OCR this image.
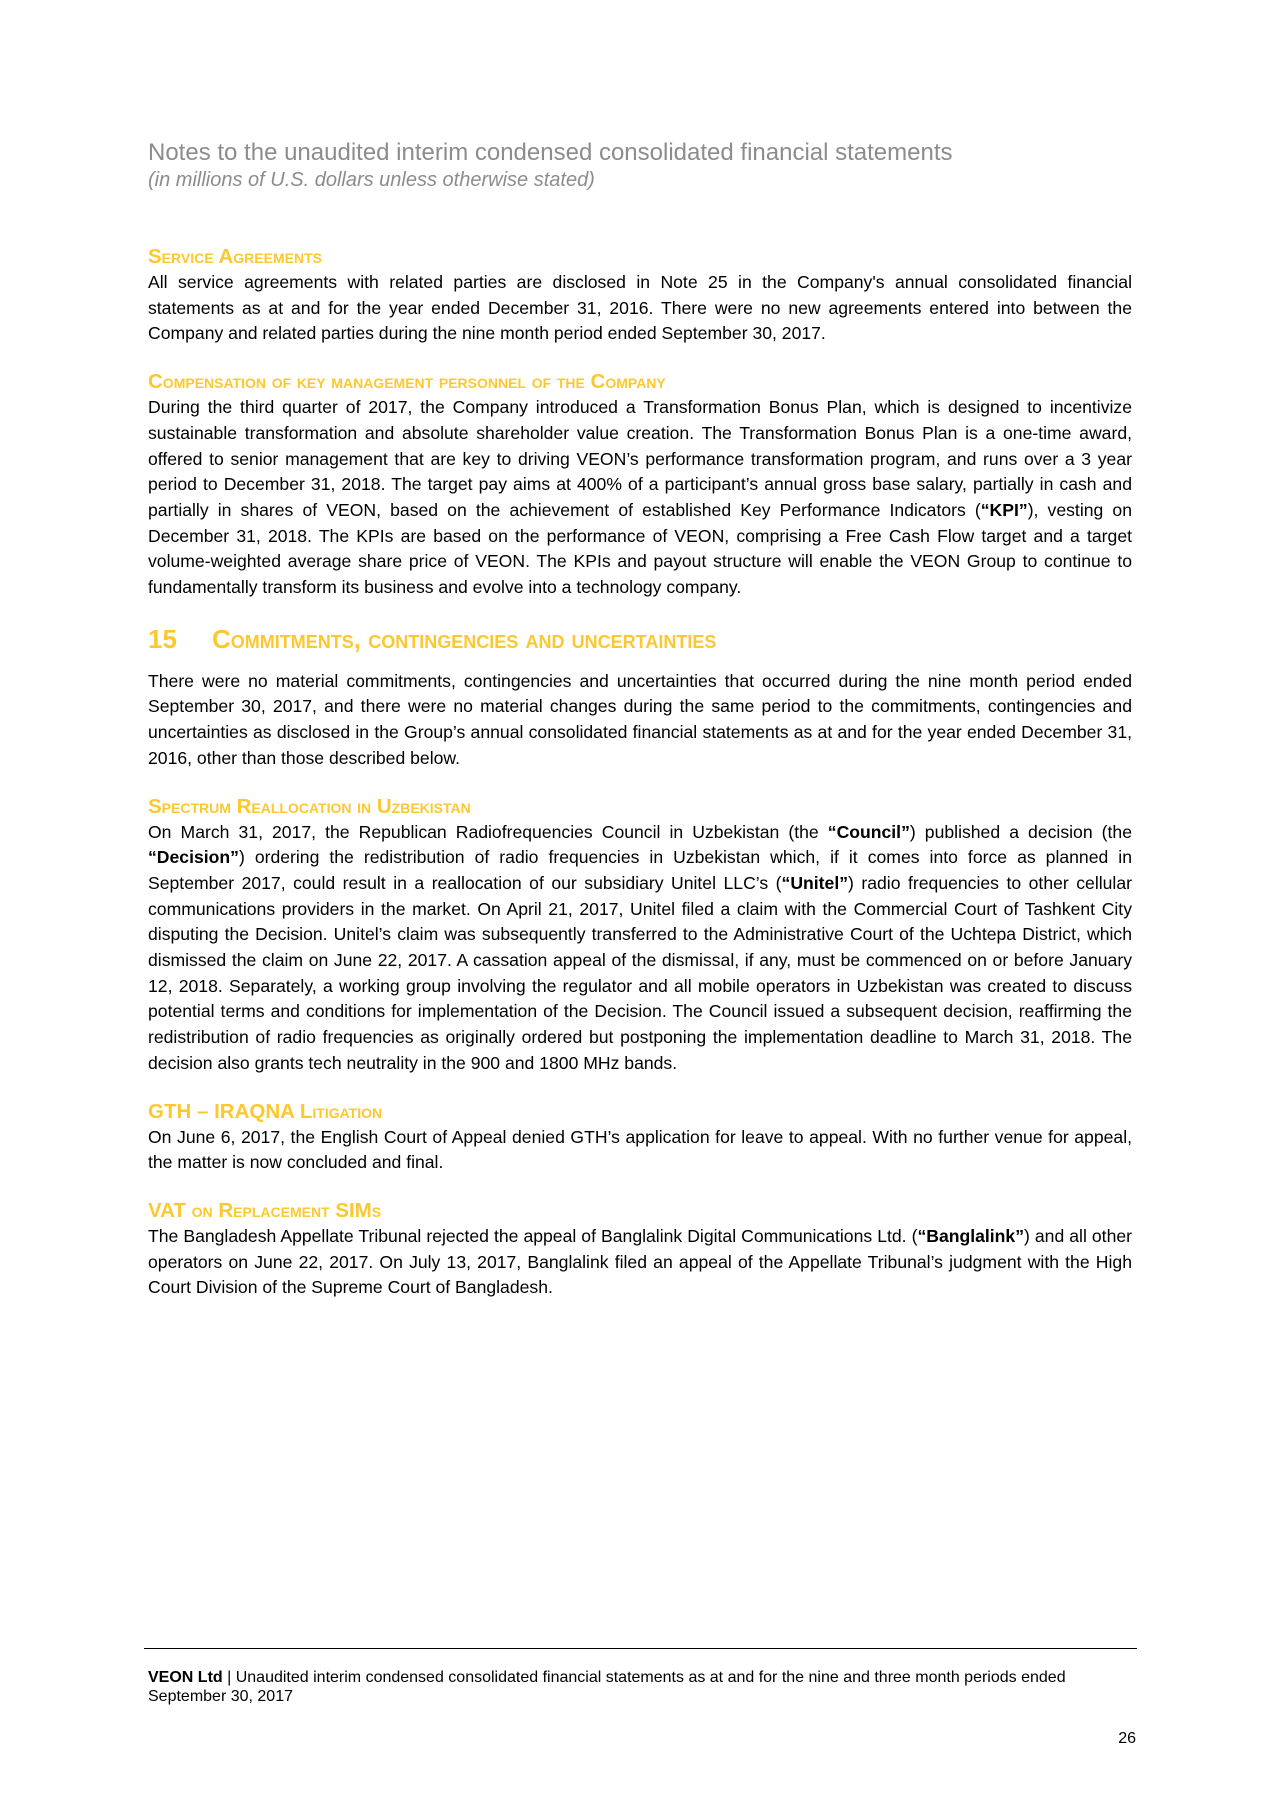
Notes to the unaudited interim condensed consolidated financial statements
(in millions of U.S. dollars unless otherwise stated)
Service Agreements

All service agreements with related parties are disclosed in Note 25 in the Company's annual consolidated financial statements as at and for the year ended December 31, 2016. There were no new agreements entered into between the Company and related parties during the nine month period ended September 30, 2017.

Compensation of key management personnel of the Company

During the third quarter of 2017, the Company introduced a Transformation Bonus Plan, which is designed to incentivize sustainable transformation and absolute shareholder value creation. The Transformation Bonus Plan is a one-time award, offered to senior management that are key to driving VEON’s performance transformation program, and runs over a 3 year period to December 31, 2018. The target pay aims at 400% of a participant’s annual gross base salary, partially in cash and partially in shares of VEON, based on the achievement of established Key Performance Indicators (“KPI”), vesting on December 31, 2018. The KPIs are based on the performance of VEON, comprising a Free Cash Flow target and a target volume-weighted average share price of VEON. The KPIs and payout structure will enable the VEON Group to continue to fundamentally transform its business and evolve into a technology company.

15	Commitments, contingencies and uncertainties

There were no material commitments, contingencies and uncertainties that occurred during the nine month period ended September 30, 2017, and there were no material changes during the same period to the commitments, contingencies and uncertainties as disclosed in the Group’s annual consolidated financial statements as at and for the year ended December 31, 2016, other than those described below.

Spectrum Reallocation in Uzbekistan

On March 31, 2017, the Republican Radiofrequencies Council in Uzbekistan (the “Council”) published a decision (the “Decision”) ordering the redistribution of radio frequencies in Uzbekistan which, if it comes into force as planned in September 2017, could result in a reallocation of our subsidiary Unitel LLC’s (“Unitel”) radio frequencies to other cellular communications providers in the market. On April 21, 2017, Unitel filed a claim with the Commercial Court of Tashkent City disputing the Decision. Unitel’s claim was subsequently transferred to the Administrative Court of the Uchtepa District, which dismissed the claim on June 22, 2017. A cassation appeal of the dismissal, if any, must be commenced on or before January 12, 2018. Separately, a working group involving the regulator and all mobile operators in Uzbekistan was created to discuss potential terms and conditions for implementation of the Decision. The Council issued a subsequent decision, reaffirming the redistribution of radio frequencies as originally ordered but postponing the implementation deadline to March 31, 2018. The decision also grants tech neutrality in the 900 and 1800 MHz bands.

GTH – IRAQNA Litigation

On June 6, 2017, the English Court of Appeal denied GTH’s application for leave to appeal. With no further venue for appeal, the matter is now concluded and final.

VAT on Replacement SIMs

The Bangladesh Appellate Tribunal rejected the appeal of Banglalink Digital Communications Ltd. (“Banglalink”) and all other operators on June 22, 2017. On July 13, 2017, Banglalink filed an appeal of the Appellate Tribunal’s judgment with the High Court Division of the Supreme Court of Bangladesh.

VEON Ltd | Unaudited interim condensed consolidated financial statements as at and for the nine and three month periods ended September 30, 2017
26
